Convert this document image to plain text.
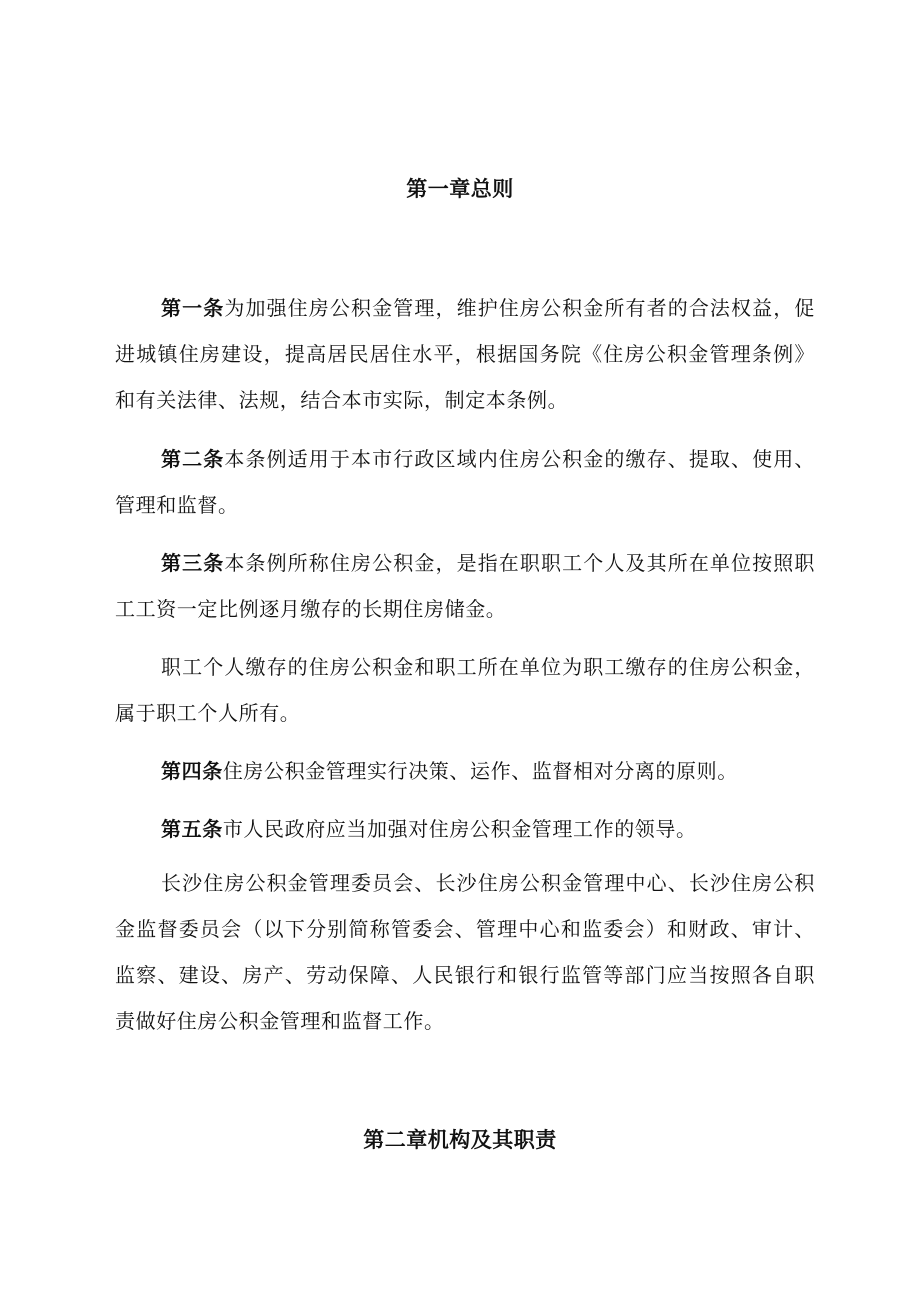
第一章总则

第一条为加强住房公积金管理，维护住房公积金所有者的合法权益，促进城镇住房建设，提高居民居住水平，根据国务院《住房公积金管理条例》和有关法律、法规，结合本市实际，制定本条例。

第二条本条例适用于本市行政区域内住房公积金的缴存、提取、使用、管理和监督。

第三条本条例所称住房公积金，是指在职职工个人及其所在单位按照职工工资一定比例逐月缴存的长期住房储金。

职工个人缴存的住房公积金和职工所在单位为职工缴存的住房公积金，属于职工个人所有。

第四条住房公积金管理实行决策、运作、监督相对分离的原则。

第五条市人民政府应当加强对住房公积金管理工作的领导。

长沙住房公积金管理委员会、长沙住房公积金管理中心、长沙住房公积金监督委员会（以下分别简称管委会、管理中心和监委会）和财政、审计、监察、建设、房产、劳动保障、人民银行和银行监管等部门应当按照各自职责做好住房公积金管理和监督工作。

第二章机构及其职责
